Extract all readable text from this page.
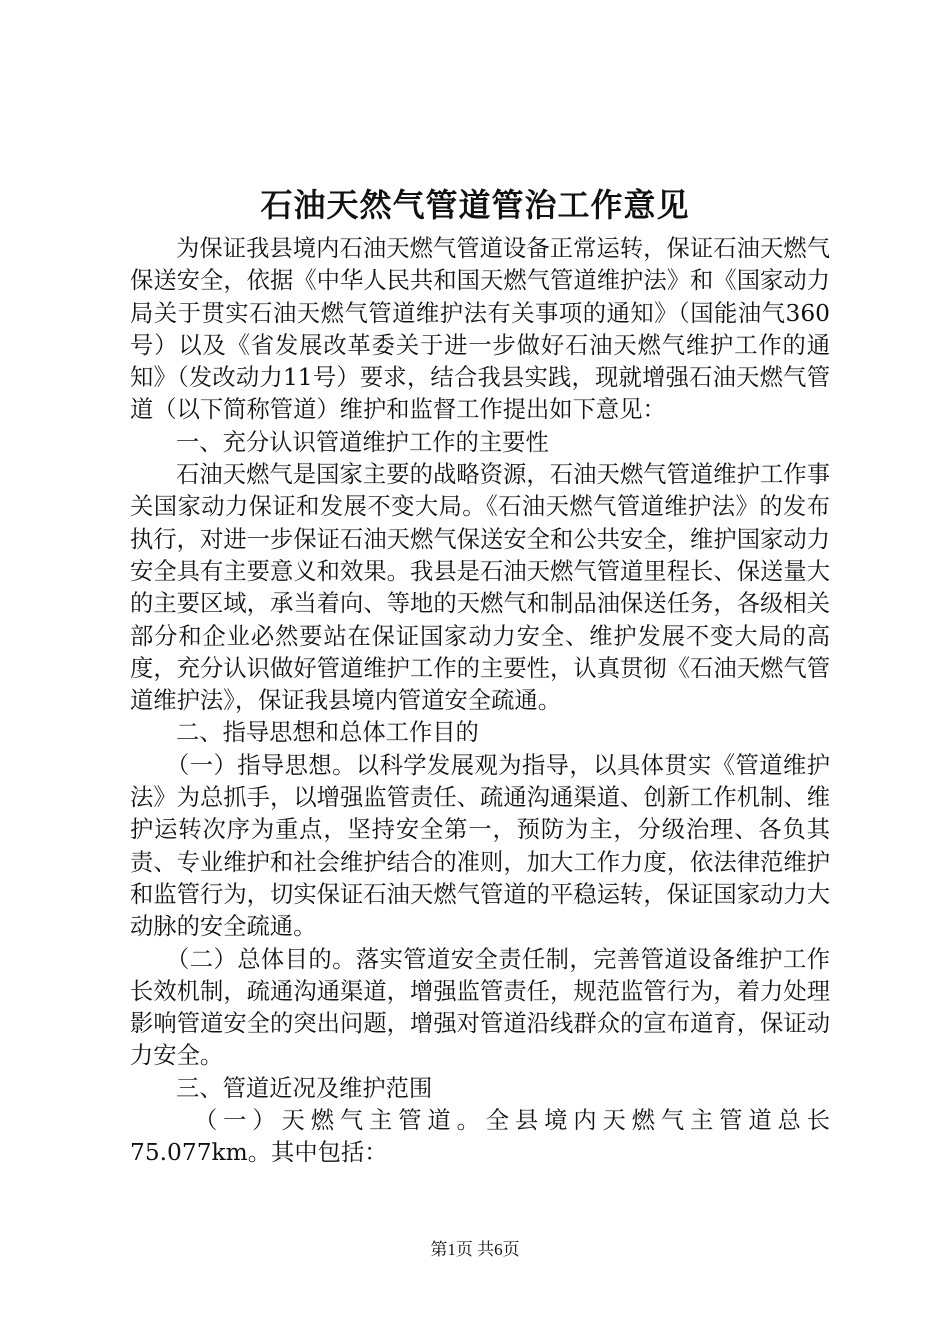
石油天然气管道管治工作意见

为保证我县境内石油天燃气管道设备正常运转，保证石油天燃气保送安全，依据《中华人民共和国天燃气管道维护法》和《国家动力局关于贯实石油天燃气管道维护法有关事项的通知》（国能油气360号）以及《省发展改革委关于进一步做好石油天燃气维护工作的通知》（发改动力11号）要求，结合我县实践，现就增强石油天燃气管道（以下简称管道）维护和监督工作提出如下意见：

一、充分认识管道维护工作的主要性

石油天燃气是国家主要的战略资源，石油天燃气管道维护工作事关国家动力保证和发展不变大局。《石油天燃气管道维护法》的发布执行，对进一步保证石油天燃气保送安全和公共安全，维护国家动力安全具有主要意义和效果。我县是石油天燃气管道里程长、保送量大的主要区域，承当着向、等地的天燃气和制品油保送任务，各级相关部分和企业必然要站在保证国家动力安全、维护发展不变大局的高度，充分认识做好管道维护工作的主要性，认真贯彻《石油天燃气管道维护法》，保证我县境内管道安全疏通。

二、指导思想和总体工作目的

（一）指导思想。以科学发展观为指导，以具体贯实《管道维护法》为总抓手，以增强监管责任、疏通沟通渠道、创新工作机制、维护运转次序为重点，坚持安全第一，预防为主，分级治理、各负其责、专业维护和社会维护结合的准则，加大工作力度，依法律范维护和监管行为，切实保证石油天燃气管道的平稳运转，保证国家动力大动脉的安全疏通。

（二）总体目的。落实管道安全责任制，完善管道设备维护工作长效机制，疏通沟通渠道，增强监管责任，规范监管行为，着力处理影响管道安全的突出问题，增强对管道沿线群众的宣布道育，保证动力安全。

三、管道近况及维护范围

（一）天燃气主管道。全县境内天燃气主管道总长75.077km。其中包括：

第1页 共6页
